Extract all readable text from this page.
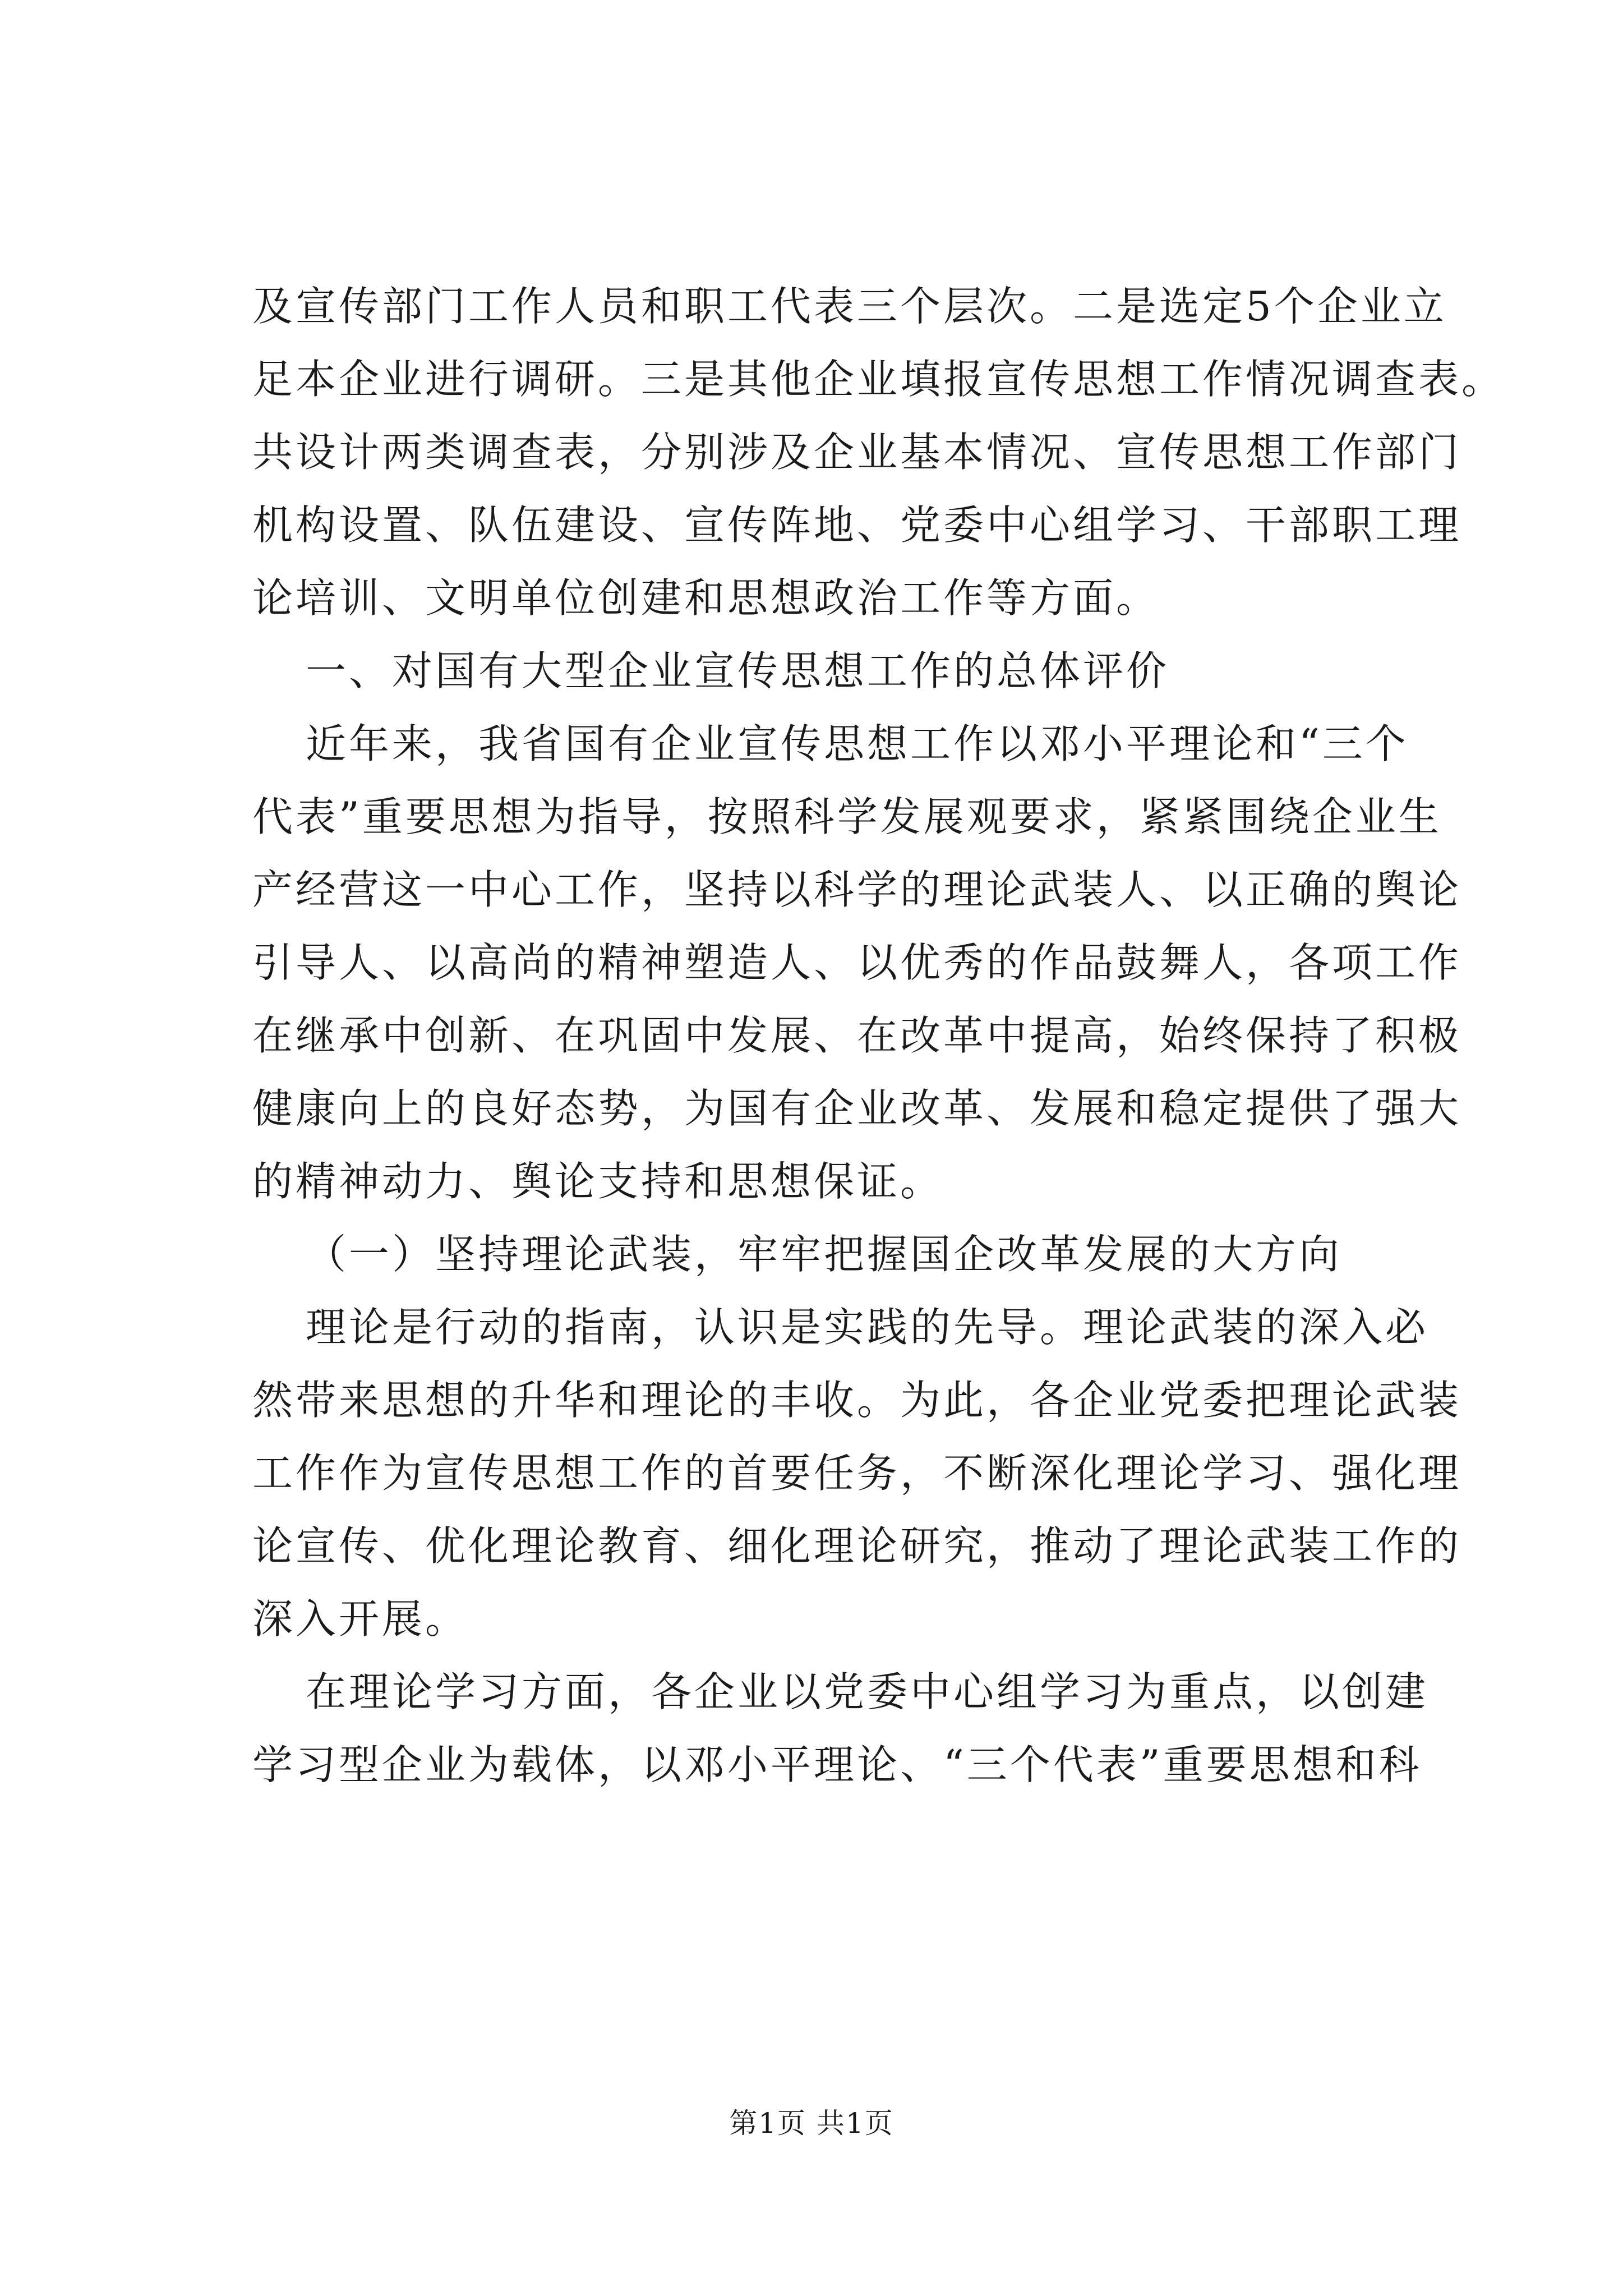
及宣传部门工作人员和职工代表三个层次。二是选定5个企业立

足本企业进行调研。三是其他企业填报宣传思想工作情况调查表。

共设计两类调查表，分别涉及企业基本情况、宣传思想工作部门

机构设置、队伍建设、宣传阵地、党委中心组学习、干部职工理

论培训、文明单位创建和思想政治工作等方面。

一、对国有大型企业宣传思想工作的总体评价

近年来，我省国有企业宣传思想工作以邓小平理论和“三个

代表”重要思想为指导，按照科学发展观要求，紧紧围绕企业生

产经营这一中心工作，坚持以科学的理论武装人、以正确的舆论

引导人、以高尚的精神塑造人、以优秀的作品鼓舞人，各项工作

在继承中创新、在巩固中发展、在改革中提高，始终保持了积极

健康向上的良好态势，为国有企业改革、发展和稳定提供了强大

的精神动力、舆论支持和思想保证。

（一）坚持理论武装，牢牢把握国企改革发展的大方向

理论是行动的指南，认识是实践的先导。理论武装的深入必

然带来思想的升华和理论的丰收。为此，各企业党委把理论武装

工作作为宣传思想工作的首要任务，不断深化理论学习、强化理

论宣传、优化理论教育、细化理论研究，推动了理论武装工作的

深入开展。

在理论学习方面，各企业以党委中心组学习为重点，以创建

学习型企业为载体，以邓小平理论、“三个代表”重要思想和科

第1页 共1页
